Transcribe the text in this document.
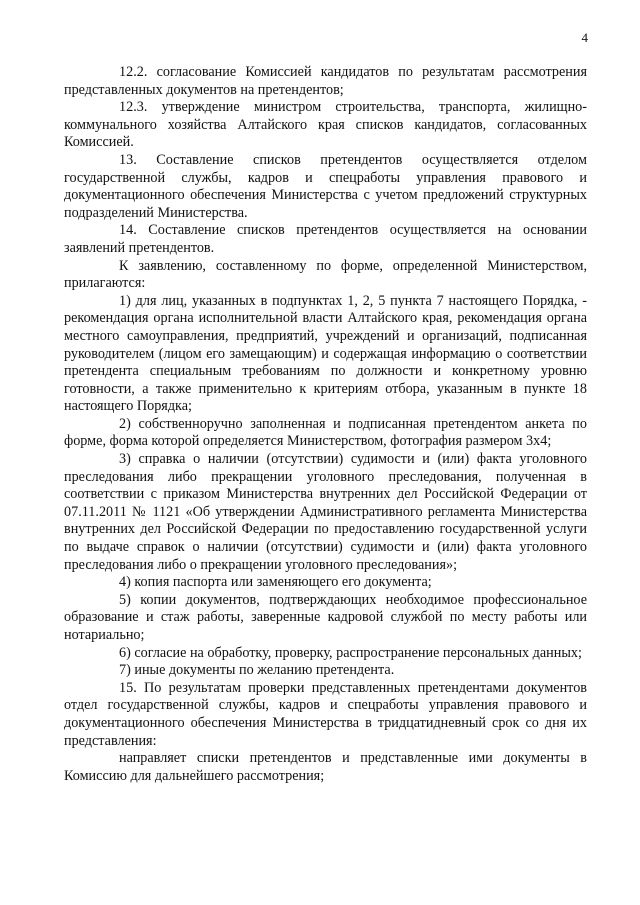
4

12.2. согласование Комиссией кандидатов по результатам рассмотрения представленных документов на претендентов;

12.3. утверждение министром строительства, транспорта, жилищно-коммунального хозяйства Алтайского края списков кандидатов, согласованных Комиссией.

13. Составление списков претендентов осуществляется отделом государственной службы, кадров и спецработы управления правового и документационного обеспечения Министерства с учетом предложений структурных подразделений Министерства.

14. Составление списков претендентов осуществляется на основании заявлений претендентов.

К заявлению, составленному по форме, определенной Министерством, прилагаются:

1) для лиц, указанных в подпунктах 1, 2, 5 пункта 7 настоящего Порядка, - рекомендация органа исполнительной власти Алтайского края, рекомендация органа местного самоуправления, предприятий, учреждений и организаций, подписанная руководителем (лицом его замещающим) и содержащая информацию о соответствии претендента специальным требованиям по должности и конкретному уровню готовности, а также применительно к критериям отбора, указанным в пункте 18 настоящего Порядка;

2) собственноручно заполненная и подписанная претендентом анкета по форме, форма которой определяется Министерством, фотография размером 3х4;

3) справка о наличии (отсутствии) судимости и (или) факта уголовного преследования либо прекращении уголовного преследования, полученная в соответствии с приказом Министерства внутренних дел Российской Федерации от 07.11.2011 № 1121 «Об утверждении Административного регламента Министерства внутренних дел Российской Федерации по предоставлению государственной услуги по выдаче справок о наличии (отсутствии) судимости и (или) факта уголовного преследования либо о прекращении уголовного преследования»;

4) копия паспорта или заменяющего его документа;

5) копии документов, подтверждающих необходимое профессиональное образование и стаж работы, заверенные кадровой службой по месту работы или нотариально;

6) согласие на обработку, проверку, распространение персональных данных;

7) иные документы по желанию претендента.

15. По результатам проверки представленных претендентами документов отдел государственной службы, кадров и спецработы управления правового и документационного обеспечения Министерства в тридцатидневный срок со дня их представления:

направляет списки претендентов и представленные ими документы в Комиссию для дальнейшего рассмотрения;
